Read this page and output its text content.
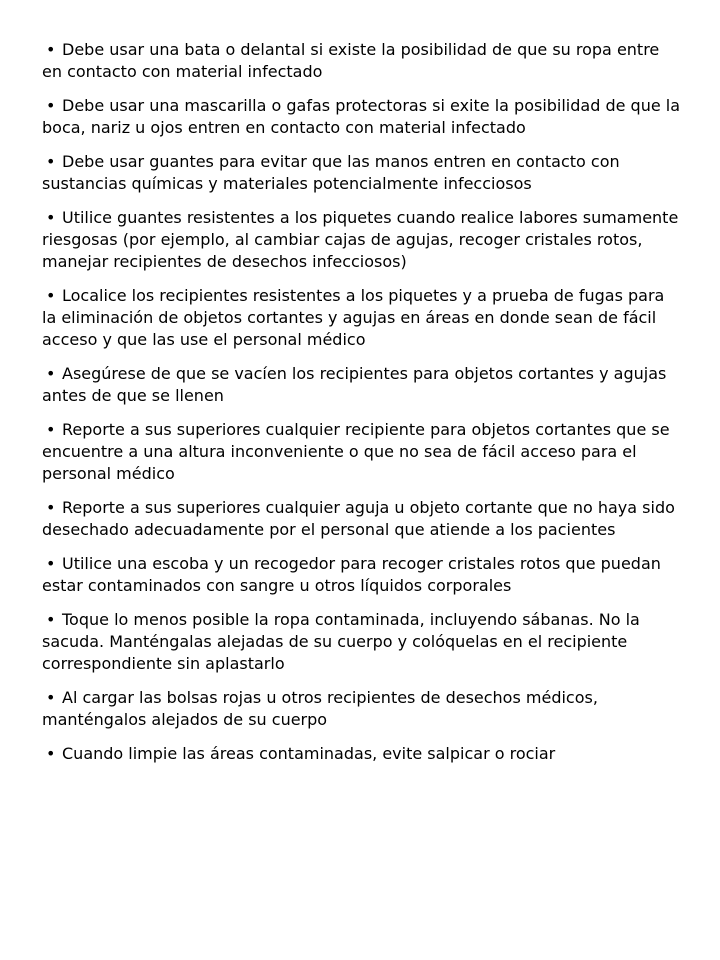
• Debe usar una bata o delantal si existe la posibilidad de que su ropa entre en contacto con material infectado
• Debe usar una mascarilla o gafas protectoras si exite la posibilidad de que la boca, nariz u ojos entren en contacto con material infectado
• Debe usar guantes para evitar que las manos entren en contacto con sustancias químicas y materiales potencialmente infecciosos
• Utilice guantes resistentes a los piquetes cuando realice labores sumamente riesgosas (por ejemplo, al cambiar cajas de agujas, recoger cristales rotos, manejar recipientes de desechos infecciosos)
• Localice los recipientes resistentes a los piquetes y a prueba de fugas para la eliminación de objetos cortantes y agujas en áreas en donde sean de fácil acceso y que las use el personal médico
• Asegúrese de que se vacíen los recipientes para objetos cortantes y agujas antes de que se llenen
• Reporte a sus superiores cualquier recipiente para objetos cortantes que se encuentre a una altura inconveniente o que no sea de fácil acceso para el personal médico
• Reporte a sus superiores cualquier aguja u objeto cortante que no haya sido desechado adecuadamente por el personal que atiende a los pacientes
• Utilice una escoba y un recogedor para recoger cristales rotos que puedan estar contaminados con sangre u otros líquidos corporales
• Toque lo menos posible la ropa contaminada, incluyendo sábanas. No la sacuda. Manténgalas alejadas de su cuerpo y colóquelas en el recipiente correspondiente sin aplastarlo
• Al cargar las bolsas rojas u otros recipientes de desechos médicos, manténgalos alejados de su cuerpo
• Cuando limpie las áreas contaminadas, evite salpicar o rociar
